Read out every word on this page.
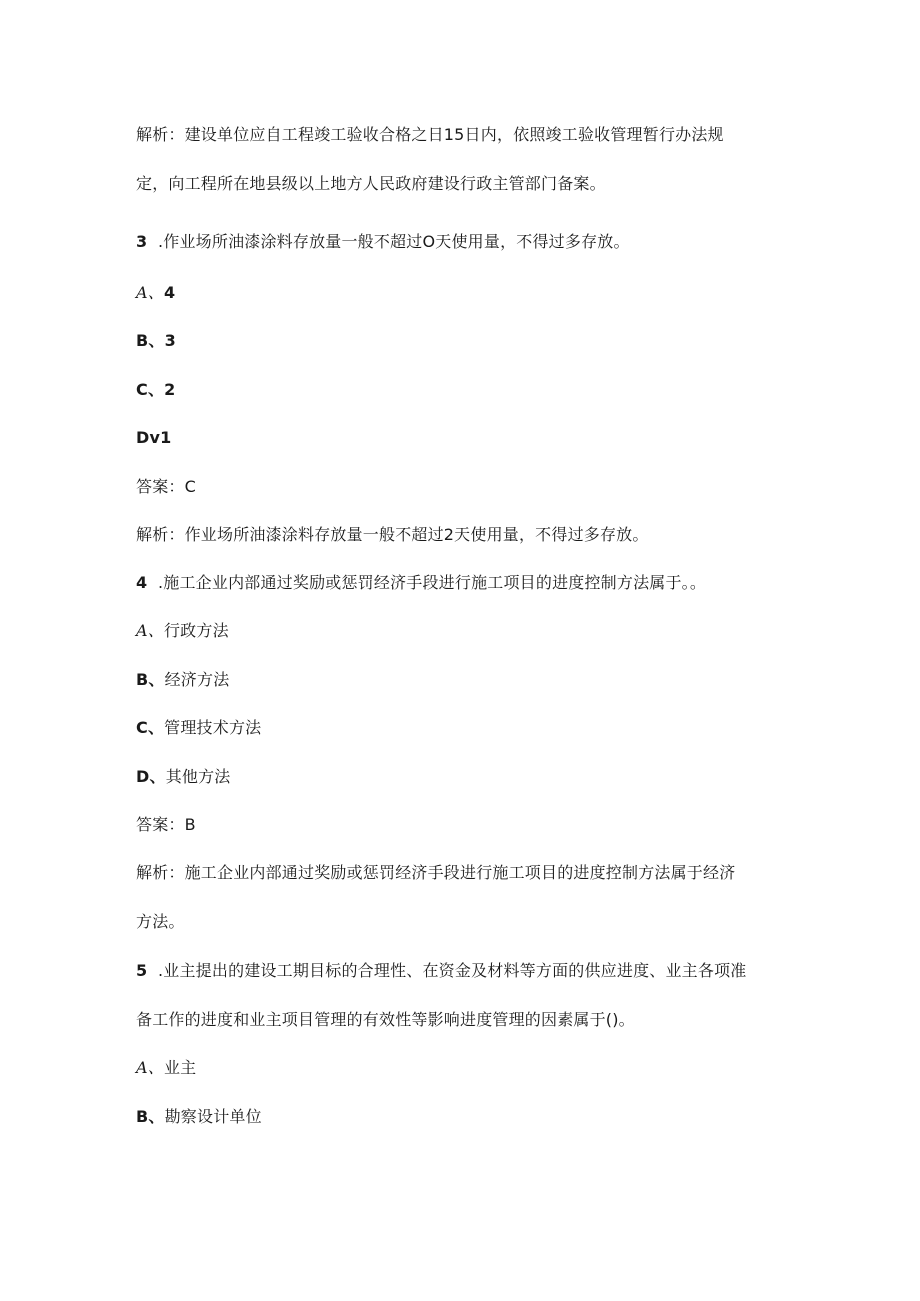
解析：建设单位应自工程竣工验收合格之日15日内，依照竣工验收管理暂行办法规
定，向工程所在地县级以上地方人民政府建设行政主管部门备案。
3 .作业场所油漆涂料存放量一般不超过O天使用量，不得过多存放。
A、4
B、3
C、2
Dv1
答案：C
解析：作业场所油漆涂料存放量一般不超过2天使用量，不得过多存放。
4 .施工企业内部通过奖励或惩罚经济手段进行施工项目的进度控制方法属于。。
A、行政方法
B、经济方法
C、管理技术方法
D、其他方法
答案：B
解析：施工企业内部通过奖励或惩罚经济手段进行施工项目的进度控制方法属于经济
方法。
5 .业主提出的建设工期目标的合理性、在资金及材料等方面的供应进度、业主各项准
备工作的进度和业主项目管理的有效性等影响进度管理的因素属于()。
A、业主
B、勘察设计单位
